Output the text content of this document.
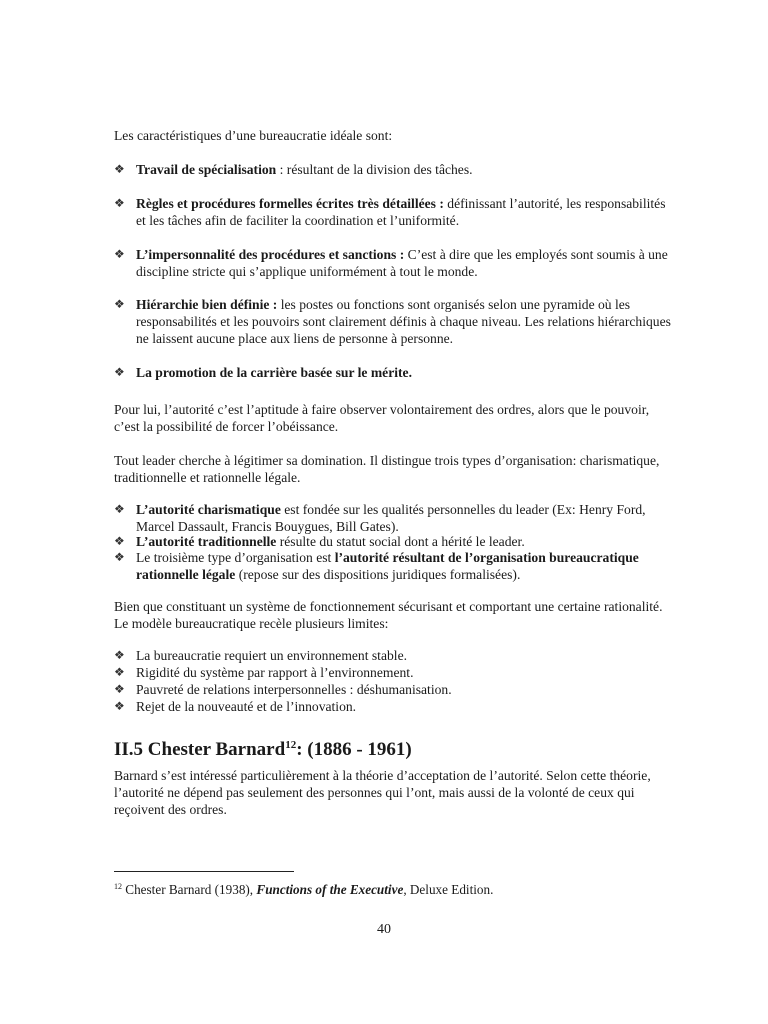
Les caractéristiques d’une bureaucratie idéale sont:

❖ Travail de spécialisation : résultant de la division des tâches.
❖ Règles et procédures formelles écrites très détaillées : définissant l’autorité, les responsabilités et les tâches afin de faciliter la coordination et l’uniformité.
❖ L’impersonnalité des procédures et sanctions : C’est à dire que les employés sont soumis à une discipline stricte qui s’applique uniformément à tout le monde.
❖ Hiérarchie bien définie : les postes ou fonctions sont organisés selon une pyramide où les responsabilités et les pouvoirs sont clairement définis à chaque niveau. Les relations hiérarchiques ne laissent aucune place aux liens de personne à personne.
❖ La promotion de la carrière basée sur le mérite.

Pour lui, l’autorité c’est l’aptitude à faire observer volontairement des ordres, alors que le pouvoir, c’est la possibilité de forcer l’obéissance.

Tout leader cherche à légitimer sa domination. Il distingue trois types d’organisation: charismatique, traditionnelle et rationnelle légale.

❖ L’autorité charismatique est fondée sur les qualités personnelles du leader (Ex: Henry Ford, Marcel Dassault, Francis Bouygues, Bill Gates).
❖ L’autorité traditionnelle résulte du statut social dont a hérité le leader.
❖ Le troisième type d’organisation est l’autorité résultant de l’organisation bureaucratique rationnelle légale (repose sur des dispositions juridiques formalisées).

Bien que constituant un système de fonctionnement sécurisant et comportant une certaine rationalité. Le modèle bureaucratique recèle plusieurs limites:

❖ La bureaucratie requiert un environnement stable.
❖ Rigidité du système par rapport à l’environnement.
❖ Pauvreté de relations interpersonnelles : déshumanisation.
❖ Rejet de la nouveauté et de l’innovation.
II.5 Chester Barnard$^{12}$: (1886 - 1961)

Barnard s’est intéressé particulièrement à la théorie d’acceptation de l’autorité. Selon cette théorie, l’autorité ne dépend pas seulement des personnes qui l’ont, mais aussi de la volonté de ceux qui reçoivent des ordres.

$^{12}$ Chester Barnard (1938), Functions of the Executive, Deluxe Edition.
40
